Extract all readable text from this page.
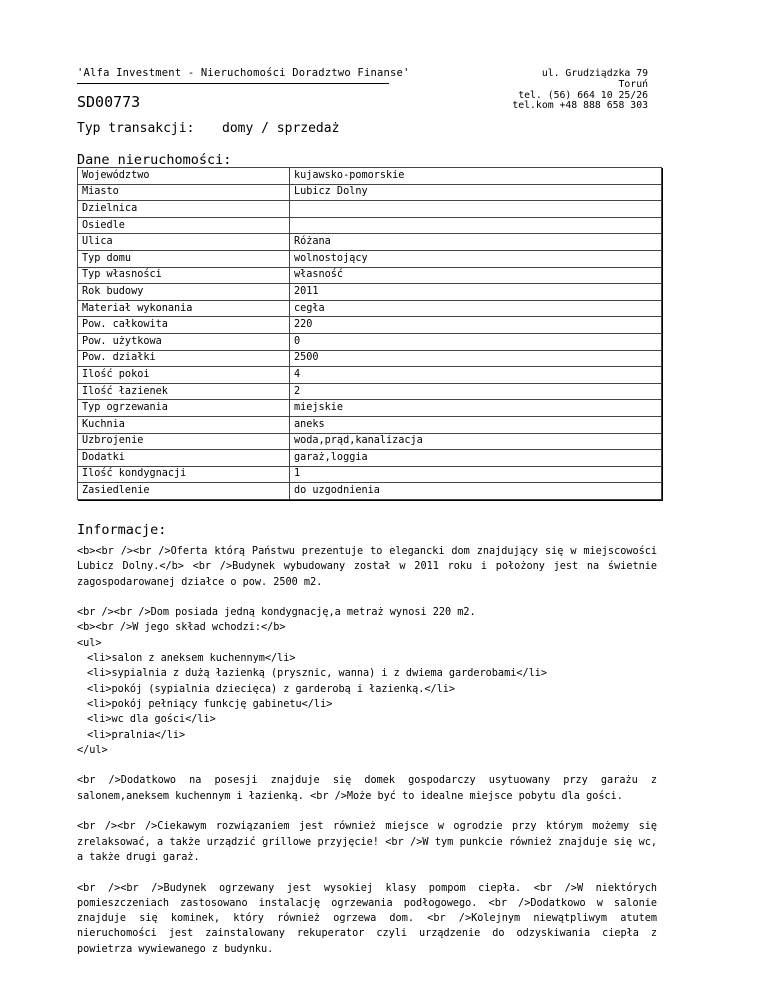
'Alfa Investment - Nieruchomości Doradztwo Finanse'	ul. Grudziądzka 79
Toruń
tel. (56) 664 10 25/26
tel.kom +48 888 658 303
SD00773
Typ transakcji: domy / sprzedaż
Dane nieruchomości:
Województwo	kujawsko-pomorskie
Miasto	Lubicz Dolny
Dzielnica	
Osiedle	
Ulica	Różana
Typ domu	wolnostojący
Typ własności	własność
Rok budowy	2011
Materiał wykonania	cegła
Pow. całkowita	220
Pow. użytkowa	0
Pow. działki	2500
Ilość pokoi	4
Ilość łazienek	2
Typ ogrzewania	miejskie
Kuchnia	aneks
Uzbrojenie	woda,prąd,kanalizacja
Dodatki	garaż,loggia
Ilość kondygnacji	1
Zasiedlenie	do uzgodnienia
Informacje:
<b><br /><br />Oferta którą Państwu prezentuje to elegancki dom znajdujący się w miejscowości Lubicz Dolny.</b> <br />Budynek wybudowany został w 2011 roku i położony jest na świetnie zagospodarowanej działce o pow. 2500 m2.
<br /><br />Dom posiada jedną kondygnację,a metraż wynosi 220 m2.
<b><br />W jego skład wchodzi:</b>
<ul>
<li>salon z aneksem kuchennym</li>
<li>sypialnia z dużą łazienką (prysznic, wanna) i z dwiema garderobami</li>
<li>pokój (sypialnia dziecięca) z garderobą i łazienką.</li>
<li>pokój pełniący funkcję gabinetu</li>
<li>wc dla gości</li>
<li>pralnia</li>
</ul>
<br />Dodatkowo na posesji znajduje się domek gospodarczy usytuowany przy garażu z salonem,aneksem kuchennym i łazienką. <br />Może być to idealne miejsce pobytu dla gości.
<br /><br />Ciekawym rozwiązaniem jest również miejsce w ogrodzie przy którym możemy się zrelaksować, a także urządzić grillowe przyjęcie! <br />W tym punkcie również znajduje się wc, a także drugi garaż.
<br /><br />Budynek ogrzewany jest wysokiej klasy pompom ciepła. <br />W niektórych pomieszczeniach zastosowano instalację ogrzewania podłogowego. <br />Dodatkowo w salonie znajduje się kominek, który również ogrzewa dom. <br />Kolejnym niewątpliwym atutem nieruchomości jest zainstalowany rekuperator czyli urządzenie do odzyskiwania ciepła z powietrza wywiewanego z budynku.
